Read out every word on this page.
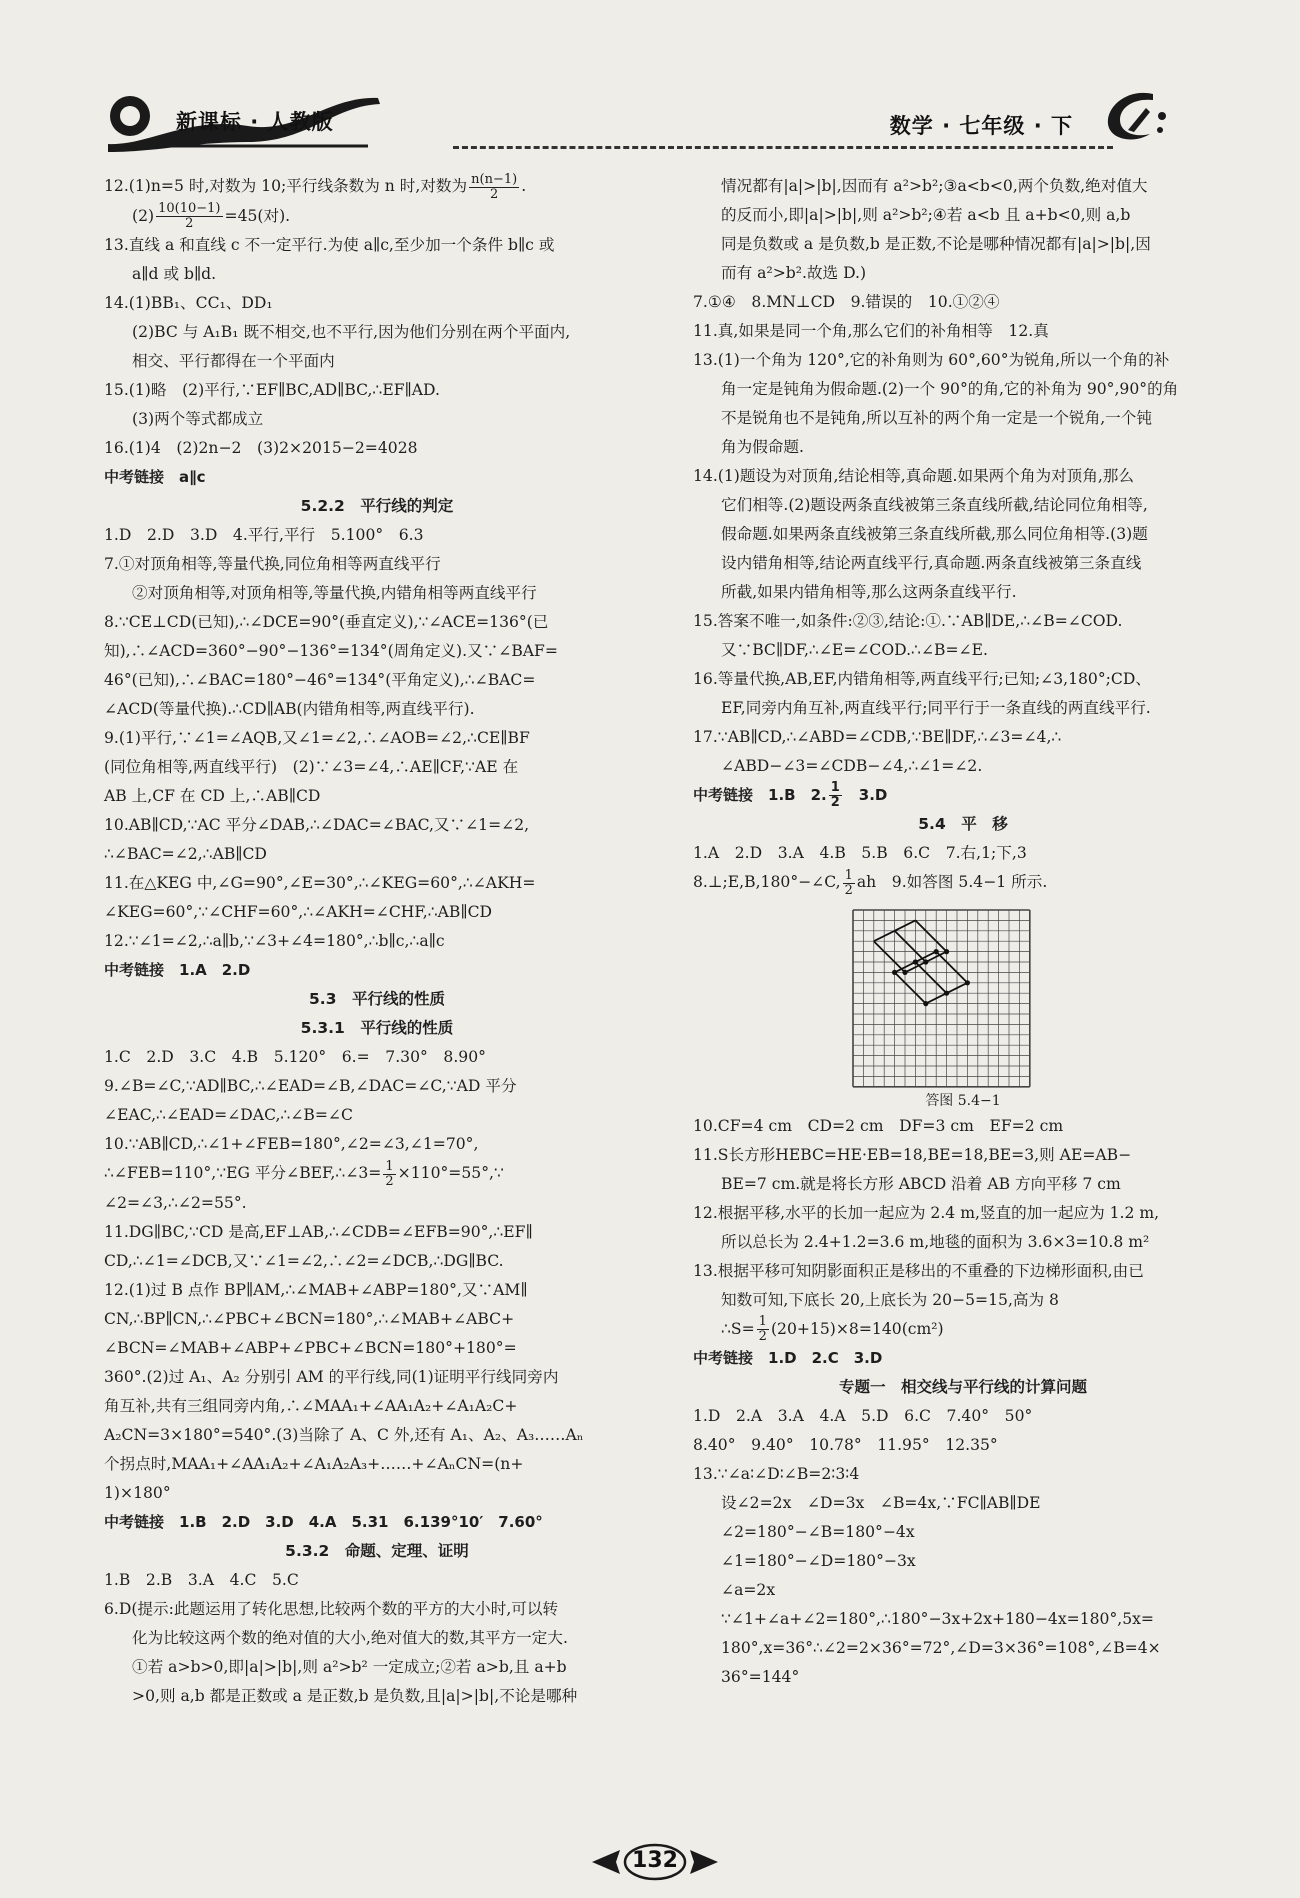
新课标 · 人教版	数学 · 七年级 · 下
12.(1)n=5 时,对数为 10;平行线条数为 n 时,对数为 $\frac{n(n-1)}{2}$ .
$(2) \frac{10(10-1)}{2} =45$(对).
13.直线 a 和直线 c 不一定平行.为使 a∥c,至少加一个条件 b∥c 或
a∥d 或 b∥d.
14.(1)BB₁、CC₁、DD₁
(2)BC 与 A₁B₁ 既不相交,也不平行,因为他们分别在两个平面内,
相交、平行都得在一个平面内
15.(1)略　(2)平行,∵EF∥BC,AD∥BC,∴EF∥AD.
(3)两个等式都成立
16.(1)4　(2)2n−2　(3)2×2015−2=4028
中考链接　a∥c
5.2.2　平行线的判定
1.D　2.D　3.D　4.平行,平行　5.100°　6.3
7.①对顶角相等,等量代换,同位角相等两直线平行
②对顶角相等,对顶角相等,等量代换,内错角相等两直线平行
8.∵CE⊥CD(已知),∴∠DCE=90°(垂直定义),∵∠ACE=136°(已
知),∴∠ACD=360°−90°−136°=134°(周角定义).又∵∠BAF=
46°(已知),∴∠BAC=180°−46°=134°(平角定义),∴∠BAC=
∠ACD(等量代换).∴CD∥AB(内错角相等,两直线平行).
9.(1)平行,∵∠1=∠AQB,又∠1=∠2,∴∠AOB=∠2,∴CE∥BF
(同位角相等,两直线平行)　(2)∵∠3=∠4,∴AE∥CF,∵AE 在
AB 上,CF 在 CD 上,∴AB∥CD
10.AB∥CD,∵AC 平分∠DAB,∴∠DAC=∠BAC,又∵∠1=∠2,
∴∠BAC=∠2,∴AB∥CD
11.在△KEG 中,∠G=90°,∠E=30°,∴∠KEG=60°,∴∠AKH=
∠KEG=60°,∵∠CHF=60°,∴∠AKH=∠CHF,∴AB∥CD
12.∵∠1=∠2,∴a∥b,∵∠3+∠4=180°,∴b∥c,∴a∥c
中考链接　1.A　2.D
5.3　平行线的性质
5.3.1　平行线的性质
1.C　2.D　3.C　4.B　5.120°　6.=　7.30°　8.90°
9.∠B=∠C,∵AD∥BC,∴∠EAD=∠B,∠DAC=∠C,∵AD 平分
∠EAC,∴∠EAD=∠DAC,∴∠B=∠C
10.∵AB∥CD,∴∠1+∠FEB=180°,∠2=∠3,∠1=70°,
∴∠FEB=110°,∵EG 平分∠BEF,∴∠3= $\frac{1}{2}$ ×110°=55°,∵
∠2=∠3,∴∠2=55°.
11.DG∥BC,∵CD 是高,EF⊥AB,∴∠CDB=∠EFB=90°,∴EF∥
CD,∴∠1=∠DCB,又∵∠1=∠2,∴∠2=∠DCB,∴DG∥BC.
12.(1)过 B 点作 BP∥AM,∴∠MAB+∠ABP=180°,又∵AM∥
CN,∴BP∥CN,∴∠PBC+∠BCN=180°,∴∠MAB+∠ABC+
∠BCN=∠MAB+∠ABP+∠PBC+∠BCN=180°+180°=
360°.(2)过 A₁、A₂ 分别引 AM 的平行线,同(1)证明平行线同旁内
角互补,共有三组同旁内角,∴∠MAA₁+∠AA₁A₂+∠A₁A₂C+
A₂CN=3×180°=540°.(3)当除了 A、C 外,还有 A₁、A₂、A₃……Aₙ
个拐点时,MAA₁+∠AA₁A₂+∠A₁A₂A₃+……+∠AₙCN=(n+
1)×180°
中考链接　1.B　2.D　3.D　4.A　5.31　6.139°10′　7.60°
5.3.2　命题、定理、证明
1.B　2.B　3.A　4.C　5.C
6.D(提示:此题运用了转化思想,比较两个数的平方的大小时,可以转
化为比较这两个数的绝对值的大小,绝对值大的数,其平方一定大.
①若 a>b>0,即|a|>|b|,则 a²>b² 一定成立;②若 a>b,且 a+b
>0,则 a,b 都是正数或 a 是正数,b 是负数,且|a|>|b|,不论是哪种
情况都有|a|>|b|,因而有 a²>b²;③a<b<0,两个负数,绝对值大
的反而小,即|a|>|b|,则 a²>b²;④若 a<b 且 a+b<0,则 a,b
同是负数或 a 是负数,b 是正数,不论是哪种情况都有|a|>|b|,因
而有 a²>b².故选 D.)
7.①④　8.MN⊥CD　9.错误的　10.①②④
11.真,如果是同一个角,那么它们的补角相等　12.真
13.(1)一个角为 120°,它的补角则为 60°,60°为锐角,所以一个角的补
角一定是钝角为假命题.(2)一个 90°的角,它的补角为 90°,90°的角
不是锐角也不是钝角,所以互补的两个角一定是一个锐角,一个钝
角为假命题.
14.(1)题设为对顶角,结论相等,真命题.如果两个角为对顶角,那么
它们相等.(2)题设两条直线被第三条直线所截,结论同位角相等,
假命题.如果两条直线被第三条直线所截,那么同位角相等.(3)题
设内错角相等,结论两直线平行,真命题.两条直线被第三条直线
所截,如果内错角相等,那么这两条直线平行.
15.答案不唯一,如条件:②③,结论:①.∵AB∥DE,∴∠B=∠COD.
又∵BC∥DF,∴∠E=∠COD.∴∠B=∠E.
16.等量代换,AB,EF,内错角相等,两直线平行;已知;∠3,180°;CD、
EF,同旁内角互补,两直线平行;同平行于一条直线的两直线平行.
17.∵AB∥CD,∴∠ABD=∠CDB,∵BE∥DF,∴∠3=∠4,∴
∠ABD−∠3=∠CDB−∠4,∴∠1=∠2.
中考链接　1.B　2. $\frac{1}{2}$ 　3.D
5.4　平　移
1.A　2.D　3.A　4.B　5.B　6.C　7.右,1;下,3
8.⊥;E,B,180°−∠C, $\frac{1}{2}$ ah　9.如答图 5.4−1 所示.
答图 5.4−1
10.CF=4 cm　CD=2 cm　DF=3 cm　EF=2 cm
11.S长方形HEBC=HE·EB=18,BE=18,BE=3,则 AE=AB−
BE=7 cm.就是将长方形 ABCD 沿着 AB 方向平移 7 cm
12.根据平移,水平的长加一起应为 2.4 m,竖直的加一起应为 1.2 m,
所以总长为 2.4+1.2=3.6 m,地毯的面积为 3.6×3=10.8 m²
13.根据平移可知阴影面积正是移出的不重叠的下边梯形面积,由已
知数可知,下底长 20,上底长为 20−5=15,高为 8
∴S= $\frac{1}{2} (20+15)\times 8=140(cm^2)$
中考链接　1.D　2.C　3.D
专题一　相交线与平行线的计算问题
1.D　2.A　3.A　4.A　5.D　6.C　7.40°　50°
8.40°　9.40°　10.78°　11.95°　12.35°
13.∵∠a∶∠D∶∠B=2∶3∶4
设∠2=2x　∠D=3x　∠B=4x,∵FC∥AB∥DE
∠2=180°−∠B=180°−4x
∠1=180°−∠D=180°−3x
∠a=2x
∵∠1+∠a+∠2=180°,∴180°−3x+2x+180−4x=180°,5x=
180°,x=36°∴∠2=2×36°=72°,∠D=3×36°=108°,∠B=4×
36°=144°
132
